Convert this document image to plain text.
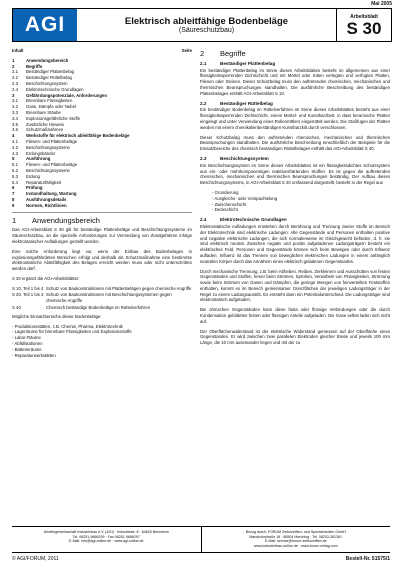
Mai 2005
AGI	Elektrisch ableitfähige Bodenbeläge
(Säureschutzbau)
Arbeitsblatt
S 30
Inhalt	Seite
1	Anwendungsbereich
2	Begriffe
2.1	Beständiger Plattenbelag
2.2	Beständiger Rüttelbelag
2.3	Beschichtungssystem
2.4	Elektrotechnische Grundlagen
3	Gefährdungspotenziale, Anforderungen
3.1	Brennbare Flüssigkeiten
3.2	Gase, Dämpfe oder Nebel
3.3	Brennbare Stäube
3.4	Explosionsgefährliche Stoffe
3.5	Zusätzliche Hinweis
3.6	Schutzmaßnahmen
4	Werkstoffe für elektrisch ableitfähige Bodenbeläge
4.1	Fliesen- und Plattenbeläge
4.2	Beschichtungssysteme
4.3	Erdungsbänder
5	Ausführung
5.1	Fliesen- und Plattenbeläge
5.2	Beschichtungssysteme
5.3	Erdung
5.4	Reparaturfähigkeit
6	Prüfung
7	Instandhaltung, Wartung
8	Ausführungsdetails
9	Normen, Richtlinien
1	Anwendungsbereich

Das AGI-Arbeitsblatt S 30 gilt für beständige Plattenbeläge und Beschichtungssysteme im Säureschutzbau, an die spezielle Anforderungen zur Vermeidung von Zündgefahren infolge elektrostatischer Aufladungen gestellt werden.

Eine solche Anforderung liegt vor, wenn der Einbau des Bodenbelages in explosionsgefährdeten Bereichen erfolgt und deshalb als Schutzmaßnahme eine bestimmte elektrostatische Ableitfähigkeit des Belages erreicht werden muss oder nicht unterschritten werden darf.

S 30 ergänzt die AGI-Arbeitsblätter:

S 10, Teil 1 bis 4 Schutz von Baukonstruktionen mit Plattenbelägen gegen chemische Angriffe
S 20, Teil 1 bis 3 Schutz von Baukonstruktionen mit Beschichtungssystemen gegen chemische Angriffe
S 40	Chemisch beständige Bodenbeläge im Rüttelverfahren

Mögliche Einsatzbereiche dieser Bodenbeläge:

- Produktionsstätten, z.B. Chemie, Pharma, Elektrotechnik
- Lagerräume für brennbare Flüssigkeiten und Explosionsstoffe
- Labor-Räume
- Abfüllstationen
- Batterieräume
- Reparaturwerkstätten
2	Begriffe
2.1	Beständiger Plattenbelag

Ein beständiger Plattenbelag im Sinne dieses Arbeitsblattes besteht im allgemeinen aus einer flüssigkeitssperrenden Dichtschicht und mit Mörtel oder Kitten verlegten und verfugten Platten, Fliesen oder Steinen. Dieser Schutzbelag muss den auftretenden chemischen, mechanischen und thermischen Beanspruchungen standhalten. Die ausführliche Beschreibung des beständigen Plattenbelages enthält AGI-Arbeitsblatt S 10.

2.2	Beständiger Rüttelbelag

Ein beständiger Bodenbelag im Rüttelverfahren im Sinne dieses Arbeitsblattes besteht aus einer flüssigkeitssperrenden Dichtschicht, einem Mörtel- und Kunstharzbett, in dass keramische Platten eingelegt und unter Verwendung eines Rollenrüttlers eingerüttelt werden. Die Stoßfugen der Platten werden mit einem chemikalienbeständigen Kunstharzkitt durch verschlossen.

Dieser Schutzbelag muss den auftretenden chemischen, mechanischen und thermischen Beanspruchungen standhalten. Die ausführliche Beschreibung einschließlich der Beispiele für die Einsatzbereiche des chemisch beständigen Rüttelbelages enthält das AGI-Arbeitsblatt S 40.

2.3	Beschichtungssystem

Ein Beschichtungssystem im Sinne dieses Arbeitsblattes ist ein flüssigkeitsdichtes Schutzsystem aus ein- oder mehrkomponentigen reaktionshärtenden Stoffen. Es ist gegen die auftretenden chemischen, mechanischen und thermischen Beanspruchungen beständig. Der Aufbau dieses Beschichtungssystems, in AGI-Arbeitsblatt S 20 umfassend dargestellt, besteht in der Regel aus

- Grundierung
- Ausgleichs- oder Vorspachtelung
- Zwischenschicht
- Deckschicht
2.4	Elektrotechnische Grundlagen

Elektrostatische Aufladungen entstehen durch Berührung und Trennung zweier Stoffe im Bereich der Elektrotechnik sind elektrische Ladungen. Alle Gegenstände und Personen enthalten positive und negative elektrische Ladungen, die sich normalerweise im Gleichgewicht befinden, d. h. sie sind elektrisch neutral. Zwischen negativ und positiv aufgeladenen Ladungsträgern besteht ein elektrisches Feld. Personen und Gegenstände können sich beim Bewegen oder durch Influenz aufladen. Influenz ist das Trennen von beweglichen elektrischen Ladungen in einem anfänglich neutralen Körper durch das Annähern eines elektrisch geladenen Gegenstandes.

Durch mechanische Trennung, z.B. beim Abheben, Reiben, Zerkleinern und Ausschütten von festen Gegenständen und Stoffen, ferner beim Strömen, Sprühen, Verwirbeln von Flüssigkeiten, Strömung sowie beim Strömen von Gasen und Dämpfen, die geringe Mengen von feinverteilten Feststoffen enthalten, kommt es im Bereich gemeinsamer Grenzflächen der jeweiligen Ladungsträger in der Regel zu einem Ladungsaustritt. Es entsteht dann ein Potentialunterschied. Die Ladungsträger sind elektrostatisch aufgeladen.

Bei ohmschen Gegenständen kann diese fasta oder flüssige Verbindungen oder die durch Kondensation gebildeten festen oder flüssigen Anteile aufgeladen. Die Gase selbst laden sich nicht auf.

Der Oberflächenwiderstand ist der elektrische Widerstand gemessen auf der Oberfläche eines Gegenstandes. Er wird zwischen zwei parallelen Elektroden gleicher Breite und jeweils 100 mm Länge, die 10 mm auseinander liegen und mit der zu

Arbeitsgemeinschaft Industriebau e.V. (AGI) · Industriestr. 8 · 64625 Bensheim
Tel. 06251-9666299 · Fax 06251-9666297
E-Mail: info@agi-online.de · www.agi-online.de
Bezug durch: FORUM Zeitschriften- und Spezialmedien GmbH
Mandichostraße 18 · 86504 Merching · Tel. 08233-381361
E-Mail: service@forum-zeitschriften.de
www.industriebau-online.de · www.forum-verlag.com
© AGI/FORUM, 2011	Bestell-Nr. 51575/1
